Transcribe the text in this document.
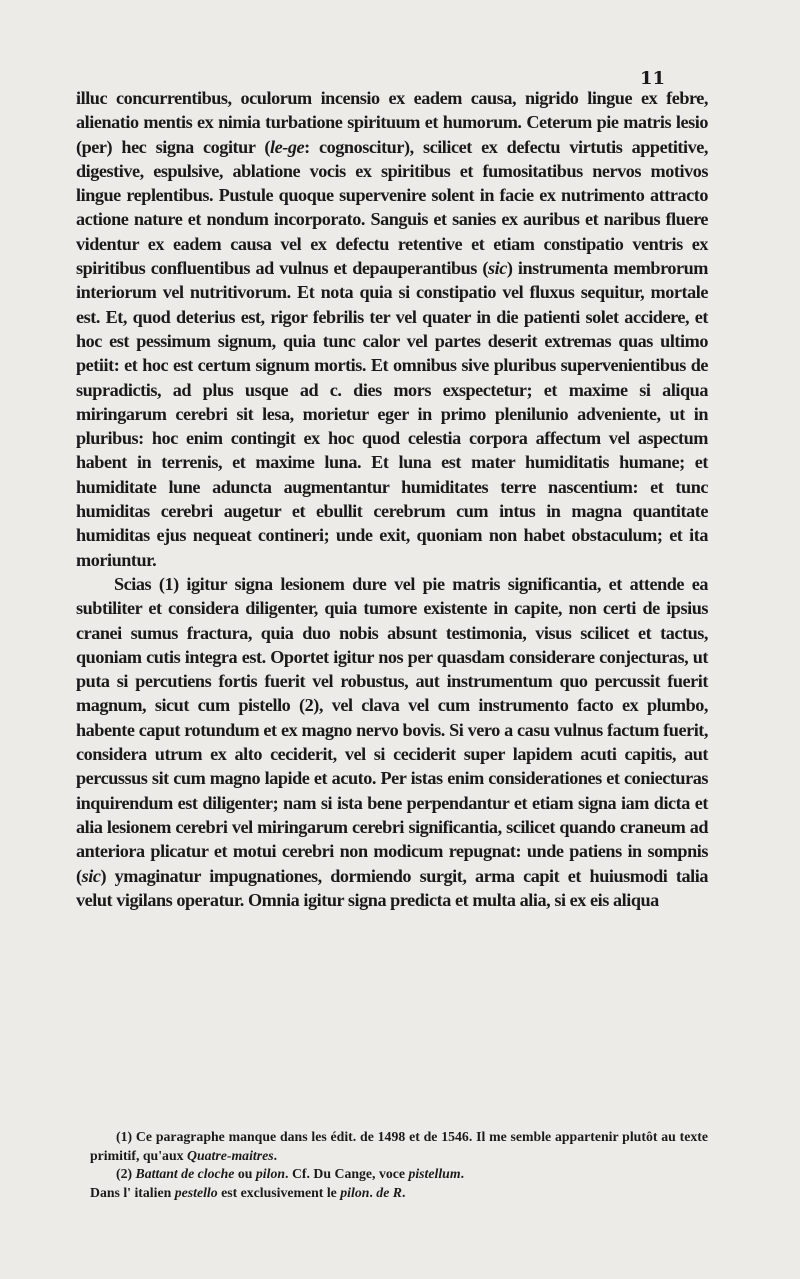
11

illuc concurrentibus, oculorum incensio ex eadem causa, nigrido lingue ex febre, alienatio mentis ex nimia turbatione spirituum et humorum. Ceterum pie matris lesio (per) hec signa cogitur (le-ge: cognoscitur), scilicet ex defectu virtutis appetitive, digestive, espulsive, ablatione vocis ex spiritibus et fumositatibus nervos motivos lingue replentibus. Pustule quoque supervenire solent in facie ex nutrimento attracto actione nature et nondum incorporato. Sanguis et sanies ex auribus et naribus fluere videntur ex eadem causa vel ex defectu retentive et etiam constipatio ventris ex spiritibus confluentibus ad vulnus et depauperantibus (sic) instrumenta membrorum interiorum vel nutritivorum. Et nota quia si constipatio vel fluxus sequitur, mortale est. Et, quod deterius est, rigor febrilis ter vel quater in die patienti solet accidere, et hoc est pessimum signum, quia tunc calor vel partes deserit extremas quas ultimo petiit: et hoc est certum signum mortis. Et omnibus sive pluribus supervenientibus de supradictis, ad plus usque ad c. dies mors exspectetur; et maxime si aliqua miringarum cerebri sit lesa, morietur eger in primo plenilunio adveniente, ut in pluribus: hoc enim contingit ex hoc quod celestia corpora affectum vel aspectum habent in terrenis, et maxime luna. Et luna est mater humiditatis humane; et humiditate lune aduncta augmentantur humiditates terre nascentium: et tunc humiditas cerebri augetur et ebullit cerebrum cum intus in magna quantitate humiditas ejus nequeat contineri; unde exit, quoniam non habet obstaculum; et ita moriuntur.

Scias (1) igitur signa lesionem dure vel pie matris significantia, et attende ea subtiliter et considera diligenter, quia tumore existente in capite, non certi de ipsius cranei sumus fractura, quia duo nobis absunt testimonia, visus scilicet et tactus, quoniam cutis integra est. Oportet igitur nos per quasdam considerare conjecturas, ut puta si percutiens fortis fuerit vel robustus, aut instrumentum quo percussit fuerit magnum, sicut cum pistello (2), vel clava vel cum instrumento facto ex plumbo, habente caput rotundum et ex magno nervo bovis. Si vero a casu vulnus factum fuerit, considera utrum ex alto ceciderit, vel si ceciderit super lapidem acuti capitis, aut percussus sit cum magno lapide et acuto. Per istas enim considerationes et coniecturas inquirendum est diligenter; nam si ista bene perpendantur et etiam signa iam dicta et alia lesionem cerebri vel miringarum cerebri significantia, scilicet quando craneum ad anteriora plicatur et motui cerebri non modicum repugnat: unde patiens in sompnis (sic) ymaginatur impugnationes, dormiendo surgit, arma capit et huiusmodi talia velut vigilans operatur. Omnia igitur signa predicta et multa alia, si ex eis aliqua

(1) Ce paragraphe manque dans les édit. de 1498 et de 1546. Il me semble appartenir plutôt au texte primitif, qu'aux Quatre-maitres.

(2) Battant de cloche ou pilon. Cf. Du Cange, voce pistellum.

Dans l' italien pestello est exclusivement le pilon. de R.
